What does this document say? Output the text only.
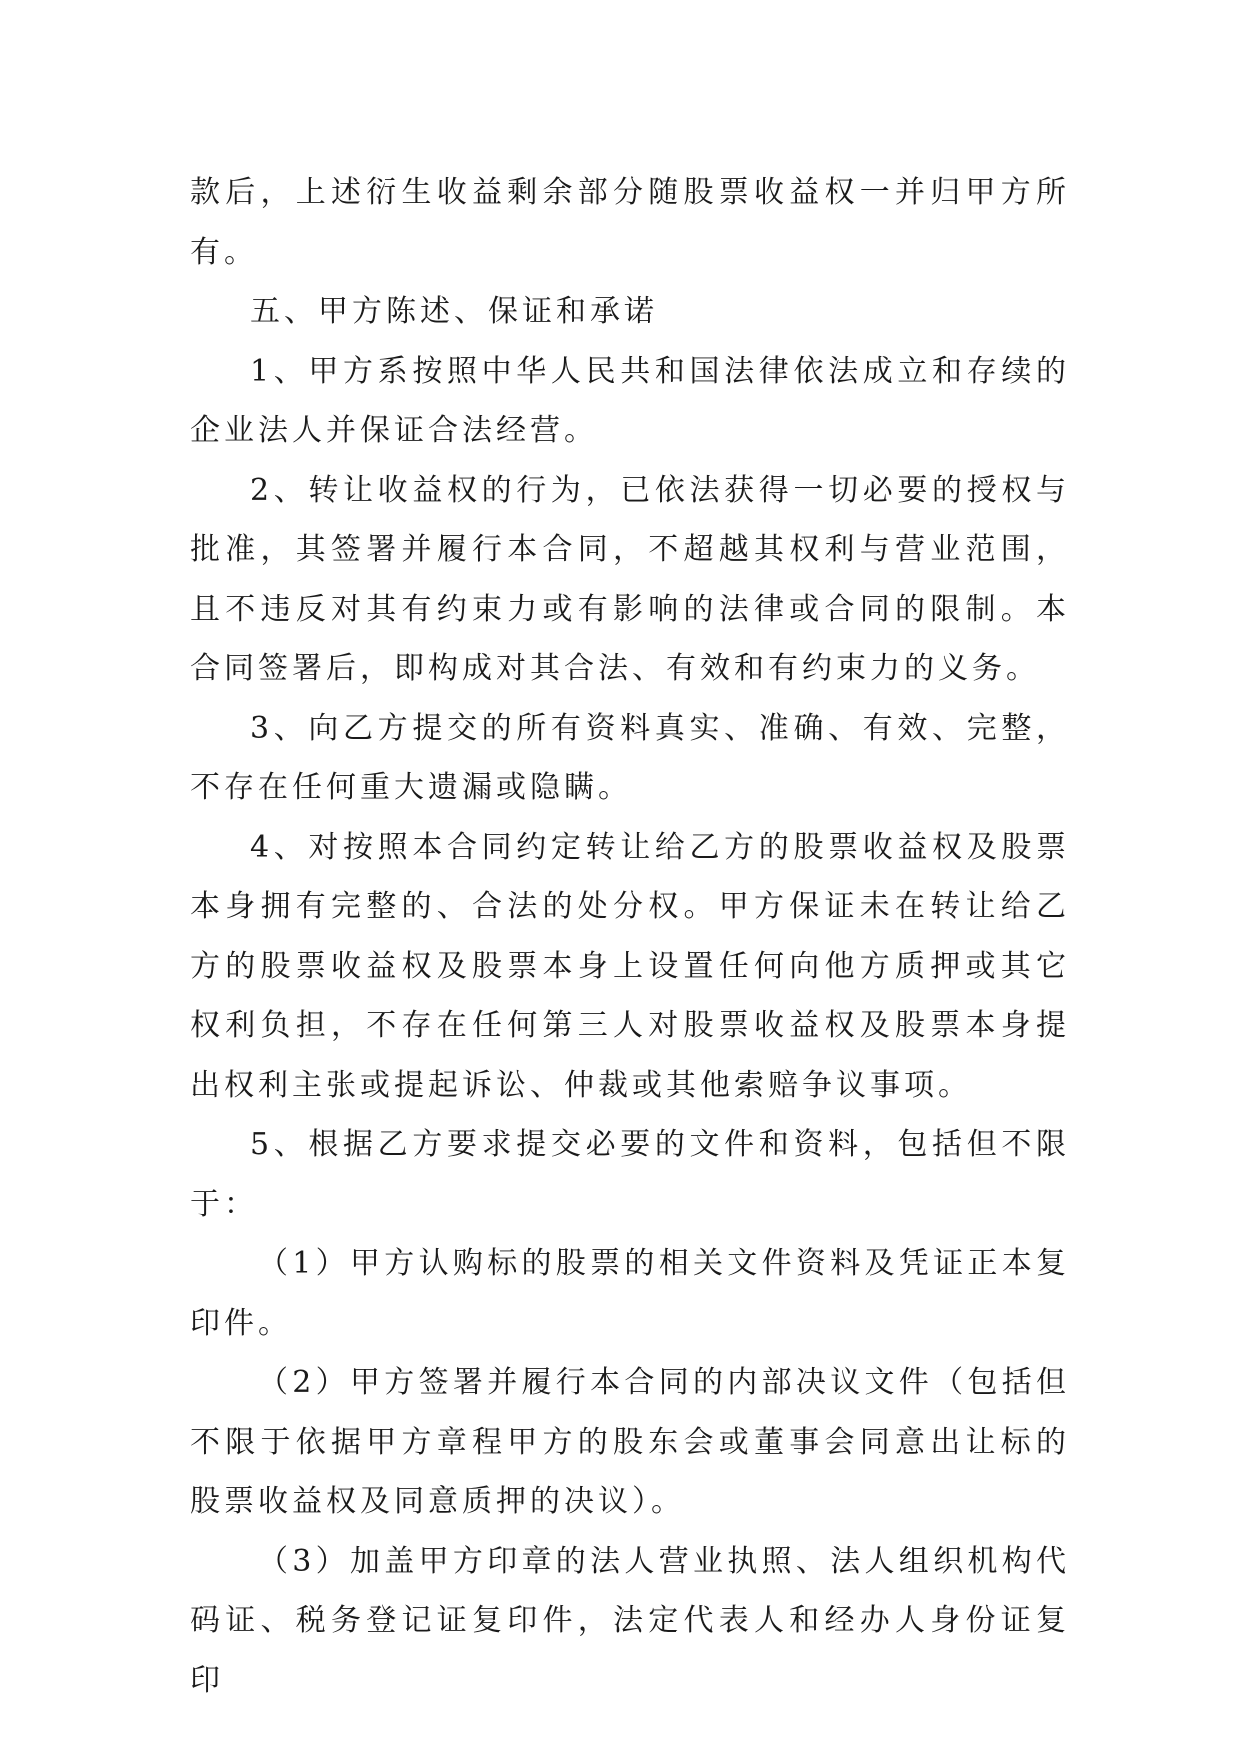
款后，上述衍生收益剩余部分随股票收益权一并归甲方所有。

五、甲方陈述、保证和承诺

1、甲方系按照中华人民共和国法律依法成立和存续的企业法人并保证合法经营。

2、转让收益权的行为，已依法获得一切必要的授权与批准，其签署并履行本合同，不超越其权利与营业范围，且不违反对其有约束力或有影响的法律或合同的限制。本合同签署后，即构成对其合法、有效和有约束力的义务。

3、向乙方提交的所有资料真实、准确、有效、完整，不存在任何重大遗漏或隐瞒。

4、对按照本合同约定转让给乙方的股票收益权及股票本身拥有完整的、合法的处分权。甲方保证未在转让给乙方的股票收益权及股票本身上设置任何向他方质押或其它权利负担，不存在任何第三人对股票收益权及股票本身提出权利主张或提起诉讼、仲裁或其他索赔争议事项。

5、根据乙方要求提交必要的文件和资料，包括但不限于：

（1）甲方认购标的股票的相关文件资料及凭证正本复印件。

（2）甲方签署并履行本合同的内部决议文件（包括但不限于依据甲方章程甲方的股东会或董事会同意出让标的股票收益权及同意质押的决议）。

（3）加盖甲方印章的法人营业执照、法人组织机构代码证、税务登记证复印件，法定代表人和经办人身份证复印
